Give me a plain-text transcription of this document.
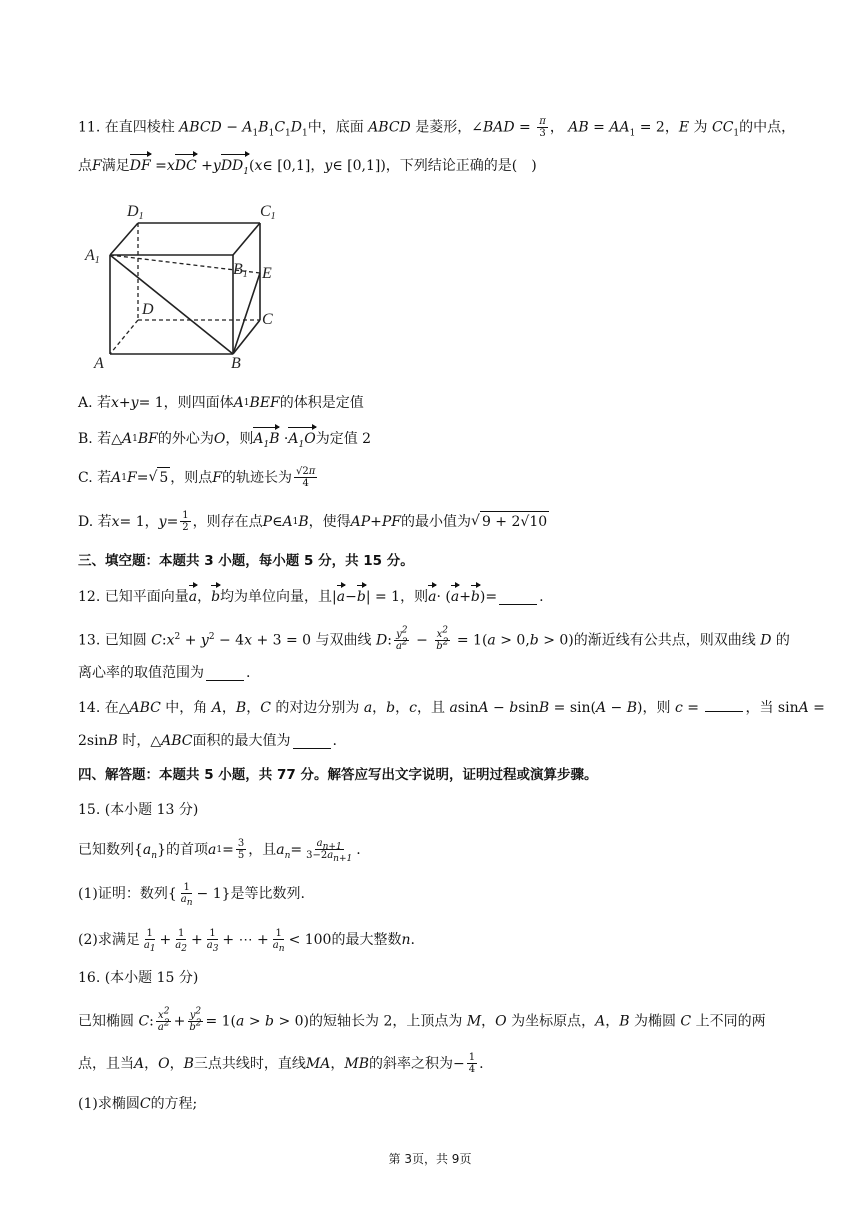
11. 在直四棱柱 ABCD − $A_1B_1C_1D_1$中，底面 ABCD 是菱形，∠BAD = $\frac{\pi}{3}$ ， AB = $AA_1 = 2$，E 为 $CC_1$的中点，
点 F 满足 DF = x DC + y $DD_1$ ( x ∈ [0,1]， y ∈ [0,1]) ，下列结论正确的是(　)
D1	C1
A1
B1 E
D
C
A	B
A. 若 x + y = 1 ，则四面体 A 1 BEF 的体积是定值
B. 若△ A 1 BF 的外心为 O ，则 $A_1B \cdot A_1O$ 为定值 2
C. 若 A 1 F = √ 5 ，则点 F 的轨迹长为 $\frac{√2\pi}{4}$
D. 若 x = 1 ， $y = \frac{1}{2}$ ，则存在点 P ∈ A 1 B ，使得 AP + PF 的最小值为 √ 9 + 2√10
三、填空题：本题共 3 小题，每小题 5 分，共 15 分。
12. 已知平面向量 a ， b 均为单位向量，且 | a − b | = 1 ，则 a · ( a + b ) =	.
13. 已知圆 $C:x^2 + y^2 - 4x + 3 = 0$ 与双曲线 D: $\frac{y^2}{a^2} - \frac{x^2}{b^2} = 1(a > 0,b > 0)$的渐近线有公共点，则双曲线 D 的
离心率的取值范围为	.
14. 在△ABC 中，角 A，B，C 的对边分别为 a，b，c，且 asinA − bsinB = sin(A − B)，则 c =	，当 sinA =
2sin B
时，△ ABC 面积的最大值为	.
四、解答题：本题共 5 小题，共 77 分。解答应写出文字说明，证明过程或演算步骤。
15. (本小题 13 分)
已知数列 { $a_n$ } 的首项 a $1 = \frac{3}{5}$ ，且 $a_n = \frac{a_{n+1}}{3-2a_{n+1}}$ .
(1)证明：数列 { $\frac{1}{a_n} - 1$} 是等比数列.
(2)求满足 $\frac{1}{a_1} + \frac{1}{a_2} + \frac{1}{a_3}$ + ⋯ + $\frac{1}{a_n} < 100$ 的最大整数 n .
16. (本小题 15 分)
已知椭圆 C: $\frac{x^2}{a^2} + \frac{y^2}{b^2} = 1(a > b > 0)$的短轴长为 2，上顶点为 M，O 为坐标原点，A，B 为椭圆 C 上不同的两
点，且当 A ， O ， B 三点共线时，直线 MA ， MB 的斜率之积为 − $\frac{1}{4}$ .
(1)求椭圆 C 的方程;
第 3页，共 9页
